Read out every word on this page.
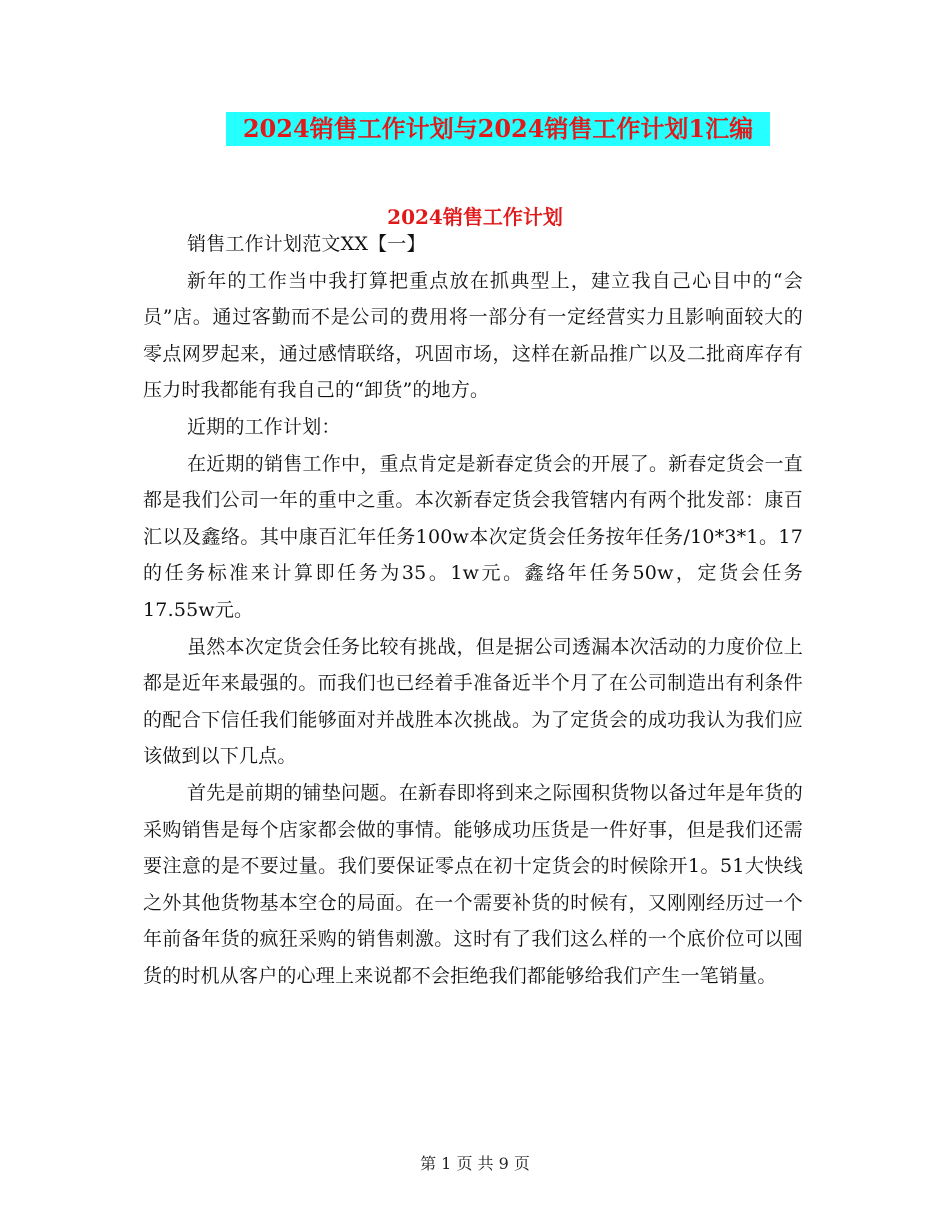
2024销售工作计划与2024销售工作计划1汇编
2024销售工作计划

销售工作计划范文XX【一】

新年的工作当中我打算把重点放在抓典型上，建立我自己心目中的“会员”店。通过客勤而不是公司的费用将一部分有一定经营实力且影响面较大的零点网罗起来，通过感情联络，巩固市场，这样在新品推广以及二批商库存有压力时我都能有我自己的“卸货”的地方。

近期的工作计划：

在近期的销售工作中，重点肯定是新春定货会的开展了。新春定货会一直都是我们公司一年的重中之重。本次新春定货会我管辖内有两个批发部：康百汇以及鑫络。其中康百汇年任务100w本次定货会任务按年任务/10*3*1。17的任务标准来计算即任务为35。1w元。鑫络年任务50w，定货会任务17.55w元。

虽然本次定货会任务比较有挑战，但是据公司透漏本次活动的力度价位上都是近年来最强的。而我们也已经着手准备近半个月了在公司制造出有利条件的配合下信任我们能够面对并战胜本次挑战。为了定货会的成功我认为我们应该做到以下几点。

首先是前期的铺垫问题。在新春即将到来之际囤积货物以备过年是年货的采购销售是每个店家都会做的事情。能够成功压货是一件好事，但是我们还需要注意的是不要过量。我们要保证零点在初十定货会的时候除开1。51大快线之外其他货物基本空仓的局面。在一个需要补货的时候有，又刚刚经历过一个年前备年货的疯狂采购的销售刺激。这时有了我们这么样的一个底价位可以囤货的时机从客户的心理上来说都不会拒绝我们都能够给我们产生一笔销量。

第 1 页 共 9 页
